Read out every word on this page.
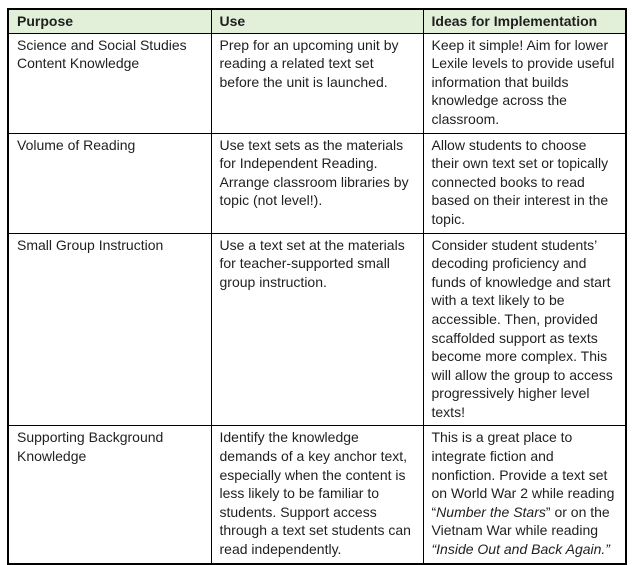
Purpose	Use	Ideas for Implementation
Science and Social Studies Content Knowledge	Prep for an upcoming unit by reading a related text set before the unit is launched.	Keep it simple! Aim for lower Lexile levels to provide useful information that builds knowledge across the classroom.
Volume of Reading	Use text sets as the materials for Independent Reading. Arrange classroom libraries by topic (not level!).	Allow students to choose their own text set or topically connected books to read based on their interest in the topic.
Small Group Instruction	Use a text set at the materials for teacher-supported small group instruction.	Consider student students’ decoding proficiency and funds of knowledge and start with a text likely to be accessible. Then, provided scaffolded support as texts become more complex. This will allow the group to access progressively higher level texts!
Supporting Background Knowledge	Identify the knowledge demands of a key anchor text, especially when the content is less likely to be familiar to students. Support access through a text set students can read independently.	This is a great place to integrate fiction and nonfiction. Provide a text set on World War 2 while reading “Number the Stars” or on the Vietnam War while reading “Inside Out and Back Again.”
